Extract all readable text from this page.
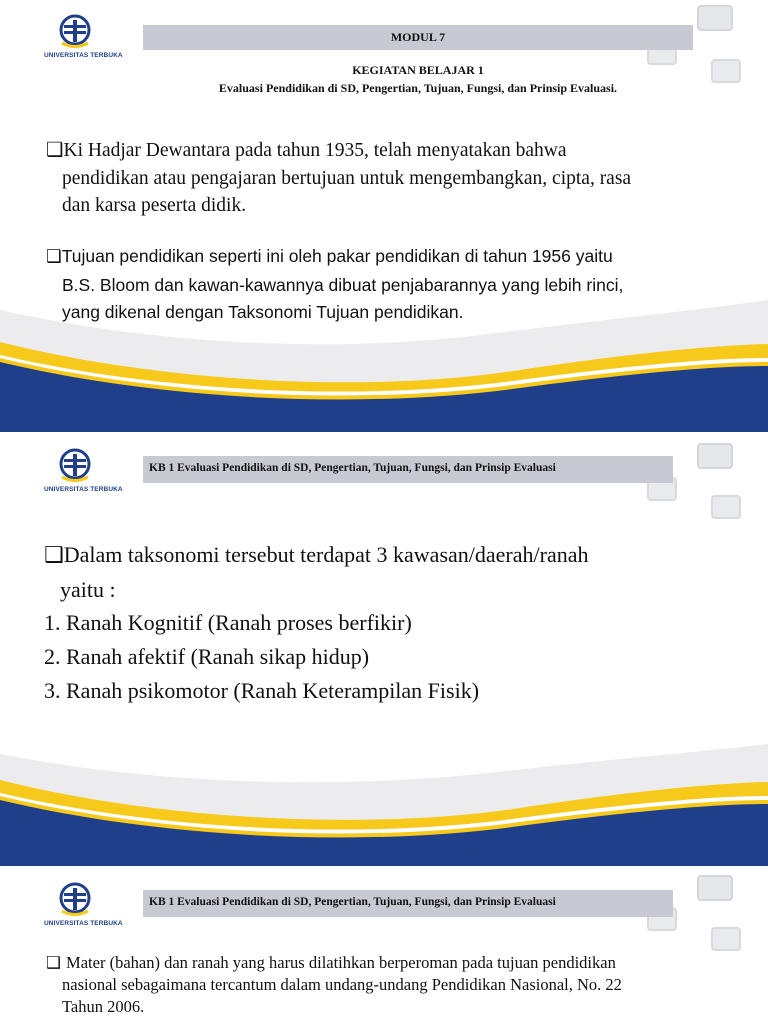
UNIVERSITAS TERBUKA
MODUL 7
KEGIATAN BELAJAR 1
Evaluasi Pendidikan di SD, Pengertian, Tujuan, Fungsi, dan Prinsip Evaluasi.
❑Ki Hadjar Dewantara pada tahun 1935, telah menyatakan bahwa
pendidikan atau pengajaran bertujuan untuk mengembangkan, cipta, rasa
dan karsa peserta didik.
❑Tujuan pendidikan seperti ini oleh pakar pendidikan di tahun 1956 yaitu
B.S. Bloom dan kawan-kawannya dibuat penjabarannya yang lebih rinci,
yang dikenal dengan Taksonomi Tujuan pendidikan.
UNIVERSITAS TERBUKA
KB 1 Evaluasi Pendidikan di SD, Pengertian, Tujuan, Fungsi, dan Prinsip Evaluasi
❑Dalam taksonomi tersebut terdapat 3 kawasan/daerah/ranah
yaitu :
1. Ranah Kognitif (Ranah proses berfikir)
2. Ranah afektif (Ranah sikap hidup)
3. Ranah psikomotor (Ranah Keterampilan Fisik)
UNIVERSITAS TERBUKA
KB 1 Evaluasi Pendidikan di SD, Pengertian, Tujuan, Fungsi, dan Prinsip Evaluasi
❑ Mater (bahan) dan ranah yang harus dilatihkan berperoman pada tujuan pendidikan
nasional sebagaimana tercantum dalam undang-undang Pendidikan Nasional, No. 22
Tahun 2006.
